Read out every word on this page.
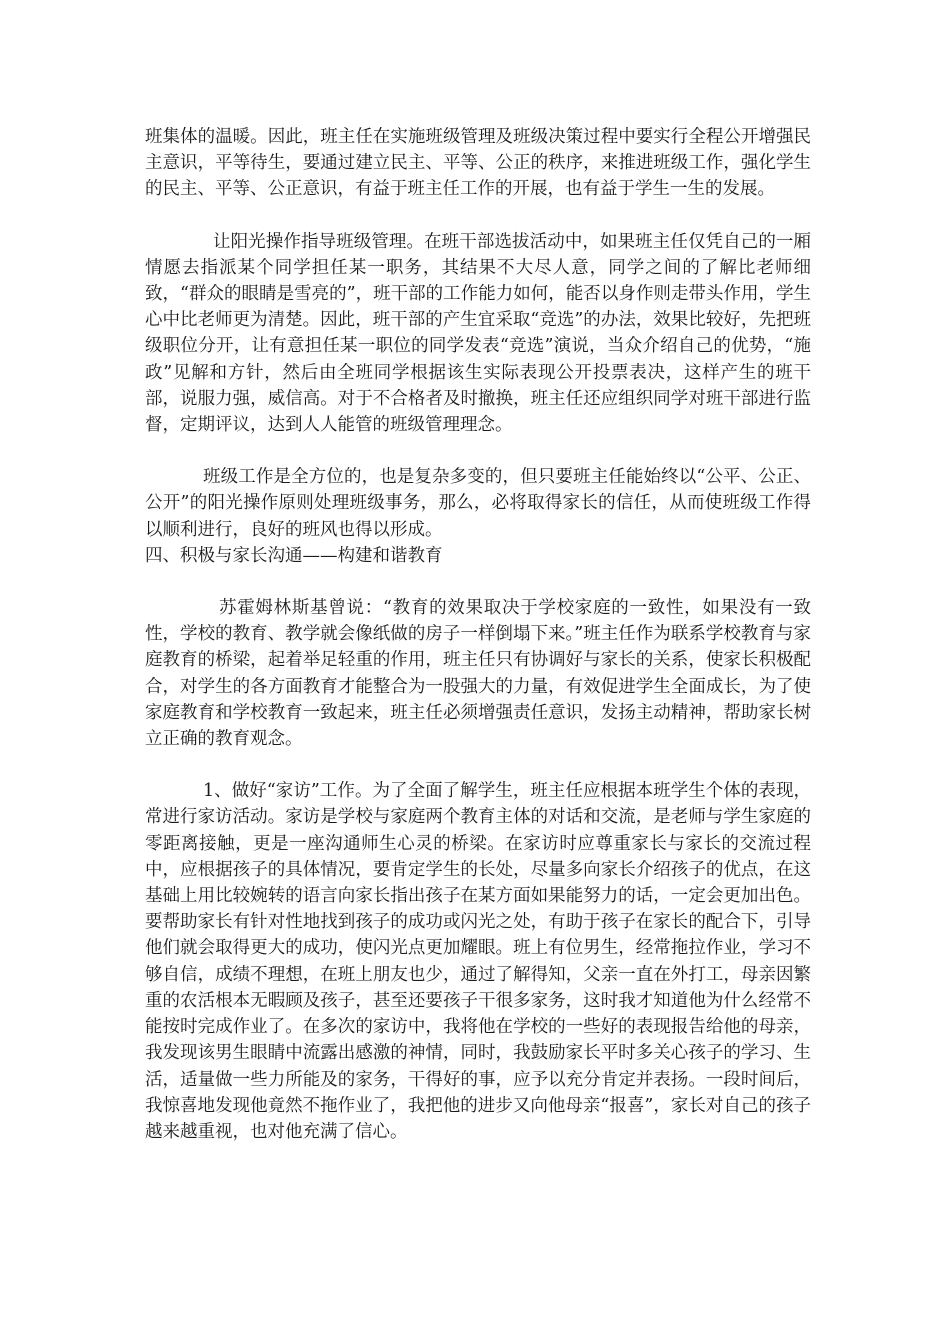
班集体的温暖。因此，班主任在实施班级管理及班级决策过程中要实行全程公开增强民主意识，平等待生，要通过建立民主、平等、公正的秩序，来推进班级工作，强化学生的民主、平等、公正意识，有益于班主任工作的开展，也有益于学生一生的发展。

让阳光操作指导班级管理。在班干部选拔活动中，如果班主任仅凭自己的一厢情愿去指派某个同学担任某一职务，其结果不大尽人意，同学之间的了解比老师细致，“群众的眼睛是雪亮的”，班干部的工作能力如何，能否以身作则走带头作用，学生心中比老师更为清楚。因此，班干部的产生宜采取“竞选”的办法，效果比较好，先把班级职位分开，让有意担任某一职位的同学发表“竞选”演说，当众介绍自己的优势，“施政”见解和方针，然后由全班同学根据该生实际表现公开投票表决，这样产生的班干部，说服力强，威信高。对于不合格者及时撤换，班主任还应组织同学对班干部进行监督，定期评议，达到人人能管的班级管理理念。

班级工作是全方位的，也是复杂多变的，但只要班主任能始终以“公平、公正、公开”的阳光操作原则处理班级事务，那么，必将取得家长的信任，从而使班级工作得以顺利进行，良好的班风也得以形成。

四、积极与家长沟通——构建和谐教育

苏霍姆林斯基曾说：“教育的效果取决于学校家庭的一致性，如果没有一致性，学校的教育、教学就会像纸做的房子一样倒塌下来。”班主任作为联系学校教育与家庭教育的桥梁，起着举足轻重的作用，班主任只有协调好与家长的关系，使家长积极配合，对学生的各方面教育才能整合为一股强大的力量，有效促进学生全面成长，为了使家庭教育和学校教育一致起来，班主任必须增强责任意识，发扬主动精神，帮助家长树立正确的教育观念。

1、做好“家访”工作。为了全面了解学生，班主任应根据本班学生个体的表现，常进行家访活动。家访是学校与家庭两个教育主体的对话和交流，是老师与学生家庭的零距离接触，更是一座沟通师生心灵的桥梁。在家访时应尊重家长与家长的交流过程中，应根据孩子的具体情况，要肯定学生的长处，尽量多向家长介绍孩子的优点，在这基础上用比较婉转的语言向家长指出孩子在某方面如果能努力的话，一定会更加出色。要帮助家长有针对性地找到孩子的成功或闪光之处，有助于孩子在家长的配合下，引导他们就会取得更大的成功，使闪光点更加耀眼。班上有位男生，经常拖拉作业，学习不够自信，成绩不理想，在班上朋友也少，通过了解得知，父亲一直在外打工，母亲因繁重的农活根本无暇顾及孩子，甚至还要孩子干很多家务，这时我才知道他为什么经常不能按时完成作业了。在多次的家访中，我将他在学校的一些好的表现报告给他的母亲，我发现该男生眼睛中流露出感激的神情，同时，我鼓励家长平时多关心孩子的学习、生活，适量做一些力所能及的家务，干得好的事，应予以充分肯定并表扬。一段时间后，我惊喜地发现他竟然不拖作业了，我把他的进步又向他母亲“报喜”，家长对自己的孩子越来越重视，也对他充满了信心。
